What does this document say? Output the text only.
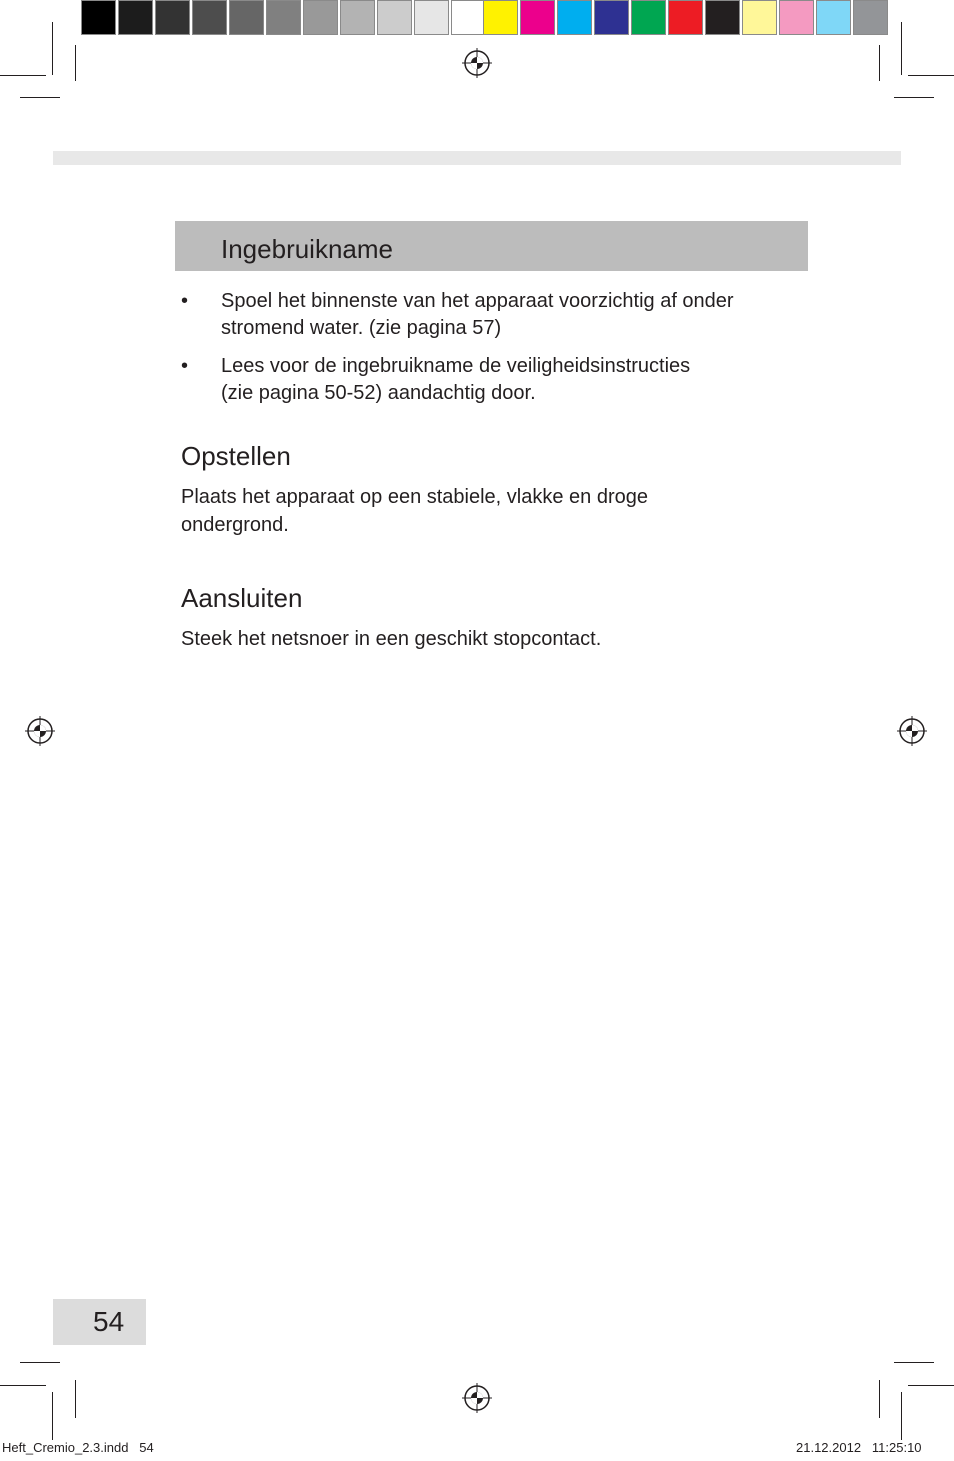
Ingebruikname
• Spoel het binnenste van het apparaat voorzichtig af onder
stromend water. (zie pagina 57)
• Lees voor de ingebruikname de veiligheidsinstructies
(zie pagina 50-52) aandachtig door.
Opstellen
Plaats het apparaat op een stabiele, vlakke en droge
ondergrond.
Aansluiten
Steek het netsnoer in een geschikt stopcontact.
54
Heft_Cremio_2.3.indd   54	21.12.2012   11:25:10
